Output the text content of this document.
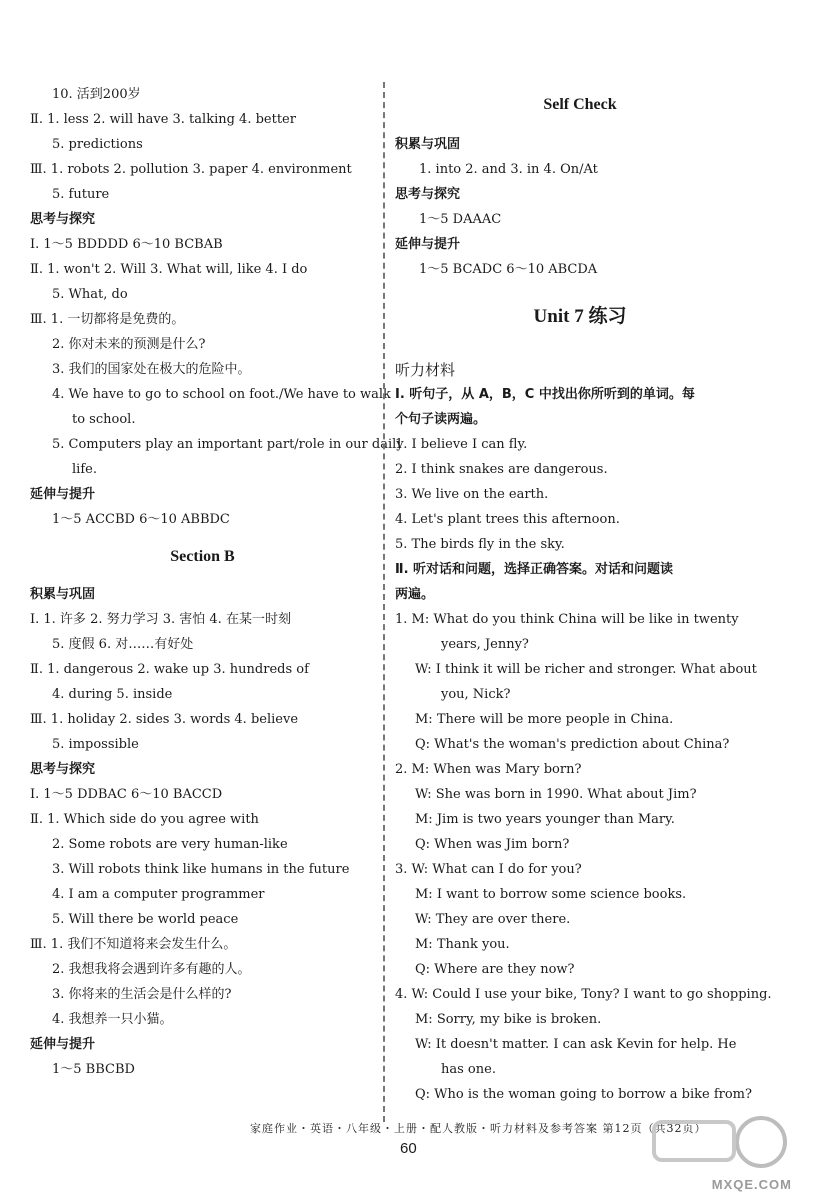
10. 活到200岁
Ⅱ. 1. less 2. will have 3. talking 4. better
5. predictions
Ⅲ. 1. robots 2. pollution 3. paper 4. environment
5. future
思考与探究
Ⅰ. 1～5 BDDDD 6～10 BCBAB
Ⅱ. 1. won't 2. Will 3. What will, like 4. I do
5. What, do
Ⅲ. 1. 一切都将是免费的。
2. 你对未来的预测是什么?
3. 我们的国家处在极大的危险中。
4. We have to go to school on foot./We have to walk
to school.
5. Computers play an important part/role in our daily
life.
延伸与提升
1～5 ACCBD 6～10 ABBDC
Section B
积累与巩固
Ⅰ. 1. 许多 2. 努力学习 3. 害怕 4. 在某一时刻
5. 度假 6. 对……有好处
Ⅱ. 1. dangerous 2. wake up 3. hundreds of
4. during 5. inside
Ⅲ. 1. holiday 2. sides 3. words 4. believe
5. impossible
思考与探究
Ⅰ. 1～5 DDBAC 6～10 BACCD
Ⅱ. 1. Which side do you agree with
2. Some robots are very human-like
3. Will robots think like humans in the future
4. I am a computer programmer
5. Will there be world peace
Ⅲ. 1. 我们不知道将来会发生什么。
2. 我想我将会遇到许多有趣的人。
3. 你将来的生活会是什么样的?
4. 我想养一只小猫。
延伸与提升
1～5 BBCBD
Self Check
积累与巩固
1. into 2. and 3. in 4. On/At
思考与探究
1～5 DAAAC
延伸与提升
1～5 BCADC 6～10 ABCDA
Unit 7 练习
听力材料
Ⅰ. 听句子，从 A，B，C 中找出你所听到的单词。每
个句子读两遍。
1. I believe I can fly.
2. I think snakes are dangerous.
3. We live on the earth.
4. Let's plant trees this afternoon.
5. The birds fly in the sky.
Ⅱ. 听对话和问题，选择正确答案。对话和问题读
两遍。
1. M: What do you think China will be like in twenty
years, Jenny?
W: I think it will be richer and stronger. What about
you, Nick?
M: There will be more people in China.
Q: What's the woman's prediction about China?
2. M: When was Mary born?
W: She was born in 1990. What about Jim?
M: Jim is two years younger than Mary.
Q: When was Jim born?
3. W: What can I do for you?
M: I want to borrow some science books.
W: They are over there.
M: Thank you.
Q: Where are they now?
4. W: Could I use your bike, Tony? I want to go shopping.
M: Sorry, my bike is broken.
W: It doesn't matter. I can ask Kevin for help. He
has one.
Q: Who is the woman going to borrow a bike from?
家庭作业・英语・八年级・上册・配人教版・听力材料及参考答案 第12页（共32页）
60
MXQE.COM
